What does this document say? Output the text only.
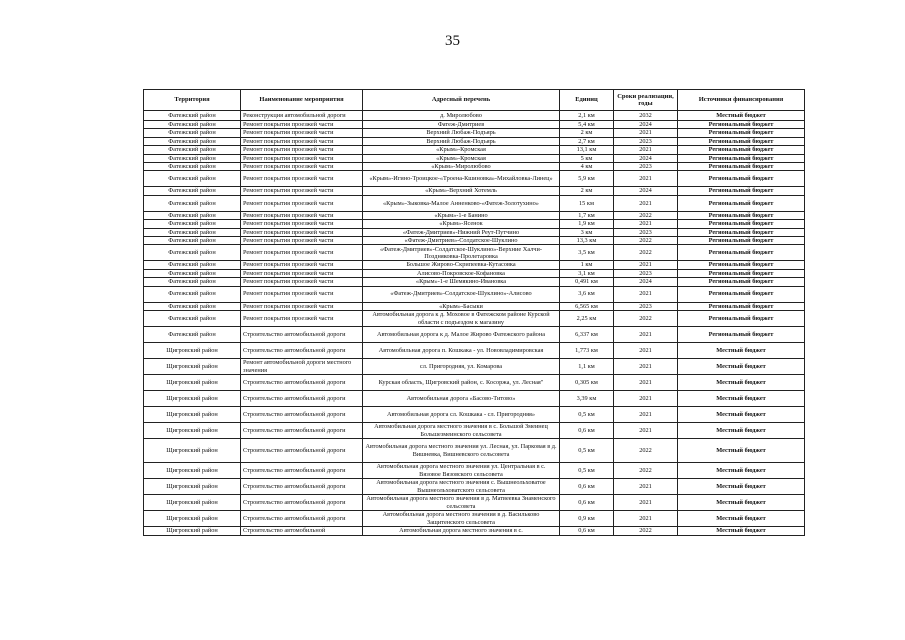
35
Территория	Наименование мероприятия	Адресный перечень	Единиц	Сроки реализации, годы	Источники финансирования
Фатежский район	Реконструкция автомобильной дороги	д. Миролюбово	2,1 км	2032	Местный бюджет
Фатежский район	Ремонт покрытия проезжей части	Фатеж-Дмитриев	5,4 км	2024	Региональный бюджет
Фатежский район	Ремонт покрытия проезжей части	Верхний Любаж-Подъярь	2 км	2021	Региональный бюджет
Фатежский район	Ремонт покрытия проезжей части	Верхний Любаж-Подъярь	2,7 км	2023	Региональный бюджет
Фатежский район	Ремонт покрытия проезжей части	«Крым»-Кромская	13,1 км	2021	Региональный бюджет
Фатежский район	Ремонт покрытия проезжей части	«Крым»-Кромская	5 км	2024	Региональный бюджет
Фатежский район	Ремонт покрытия проезжей части	«Крым»-Миролюбово	4 км	2023	Региональный бюджет
Фатежский район	Ремонт покрытия проезжей части	«Крым»-Игино-Троицкое-«Троена-Кшиновка»-Михайловка-Линец»	5,9 км	2021	Региональный бюджет
Фатежский район	Ремонт покрытия проезжей части	«Крым»-Верхний Хотемль	2 км	2024	Региональный бюджет
Фатежский район	Ремонт покрытия проезжей части	«Крым»-Зыковка-Малое Анненково-«Фатеж-Золотухино»	15 км	2021	Региональный бюджет
Фатежский район	Ремонт покрытия проезжей части	«Крым»-1-е Банино	1,7 км	2022	Региональный бюджет
Фатежский район	Ремонт покрытия проезжей части	«Крым»-Ясенок	1,9 км	2021	Региональный бюджет
Фатежский район	Ремонт покрытия проезжей части	«Фатеж-Дмитриев»-Нижний Реут-Путчино	3 км	2023	Региональный бюджет
Фатежский район	Ремонт покрытия проезжей части	«Фатеж-Дмитриев»-Солдатское-Шуклино	13,3 км	2022	Региональный бюджет
Фатежский район	Ремонт покрытия проезжей части	«Фатеж-Дмитриев»-Солдатское-Шуклино»-Верхние Халчи-Поздняковка-Пролетаровка	3,5 км	2022	Региональный бюджет
Фатежский район	Ремонт покрытия проезжей части	Большое Жирово-Скрипеевка-Кутасовка	1 км	2021	Региональный бюджет
Фатежский район	Ремонт покрытия проезжей части	Алисово-Покровское-Кофановка	3,1 км	2023	Региональный бюджет
Фатежский район	Ремонт покрытия проезжей части	«Крым»-1-е Шемякино-Ивановка	0,491 км	2024	Региональный бюджет
Фатежский район	Ремонт покрытия проезжей части	«Фатеж-Дмитриев»-Солдатское-Шуклино»-Алисово	3,6 км	2021	Региональный бюджет
Фатежский район	Ремонт покрытия проезжей части	«Крым»-Басыки	6,565 км	2023	Региональный бюджет
Фатежский район	Ремонт покрытия проезжей части	Автомобильная дорога к д. Моховое в Фатежском районе Курской области с подъездом к магазину	2,25 км	2022	Региональный бюджет
Фатежский район	Строительство автомобильной дороги	Автомобильная дорога к д. Малое Жирово Фатежского района	6,337 км	2021	Региональный бюджет
Щигровский район	Строительство автомобильной дороги	Автомобильная дорога п. Кошкака - ул. Нововладимировская	1,773 км	2021	Местный бюджет
Щигровский район	Ремонт автомобильной дороги местного значения	сл. Пригородняя, ул. Комарова	1,1 км	2021	Местный бюджет
Щигровский район	Строительство автомобильной дороги	Курская область, Щигровский район, с. Косоржа, ул. Лесная"	0,305 км	2021	Местный бюджет
Щигровский район	Строительство автомобильной дороги	Автомобильная дорога «Басово-Титово»	3,39 км	2021	Местный бюджет
Щигровский район	Строительство автомобильной дороги	Автомобильная дорога сл. Кошкака - сл. Пригородняя»	0,5 км	2021	Местный бюджет
Щигровский район	Строительство автомобильной дороги	Автомобильная дорога местного значения в с. Большой Змеинец Большезмеинского сельсовета	0,6 км	2021	Местный бюджет
Щигровский район	Строительство автомобильной дороги	Автомобильная дорога местного значения ул. Лесная, ул. Парковая в д. Вишневка, Вишневского сельсовета	0,5 км	2022	Местный бюджет
Щигровский район	Строительство автомобильной дороги	Автомобильная дорога местного значения ул. Центральная в с. Вязовое Вязовского сельсовета	0,5 км	2022	Местный бюджет
Щигровский район	Строительство автомобильной дороги	Автомобильная дорога местного значения с. Вышнеольховатое Вышнеольховатского сельсовета	0,6 км	2021	Местный бюджет
Щигровский район	Строительство автомобильной дороги	Автомобильная дорога местного значения в д. Матвеевка Знаменского сельсовета	0,6 км	2021	Местный бюджет
Щигровский район	Строительство автомобильной дороги	Автомобильная дорога местного значения в д. Васильково Защитенского сельсовета	0,9 км	2021	Местный бюджет
Щигровский район	Строительство автомобильной	Автомобильная дорога местного значения в с.	0,6 км	2022	Местный бюджет
